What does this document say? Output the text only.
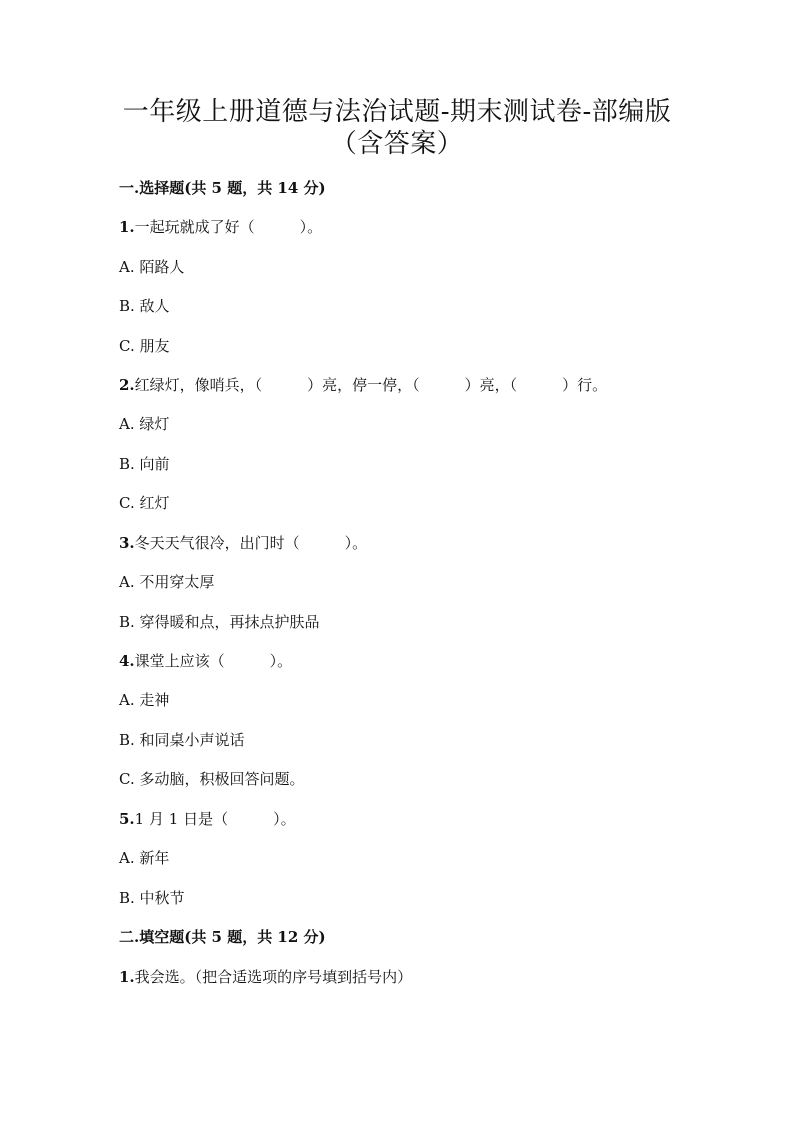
一年级上册道德与法治试题-期末测试卷-部编版
（含答案）
一.选择题(共 5 题，共 14 分)
1.一起玩就成了好（　　　）。
A. 陌路人
B. 敌人
C. 朋友
2.红绿灯，像哨兵，（　　　）亮，停一停，（　　　）亮，（　　　）行。
A. 绿灯
B. 向前
C. 红灯
3.冬天天气很冷，出门时（　　　）。
A. 不用穿太厚
B. 穿得暖和点，再抹点护肤品
4.课堂上应该（　　　）。
A. 走神
B. 和同桌小声说话
C. 多动脑，积极回答问题。
5.1 月 1 日是（　　　）。
A. 新年
B. 中秋节
二.填空题(共 5 题，共 12 分)
1.我会选。（把合适选项的序号填到括号内）
